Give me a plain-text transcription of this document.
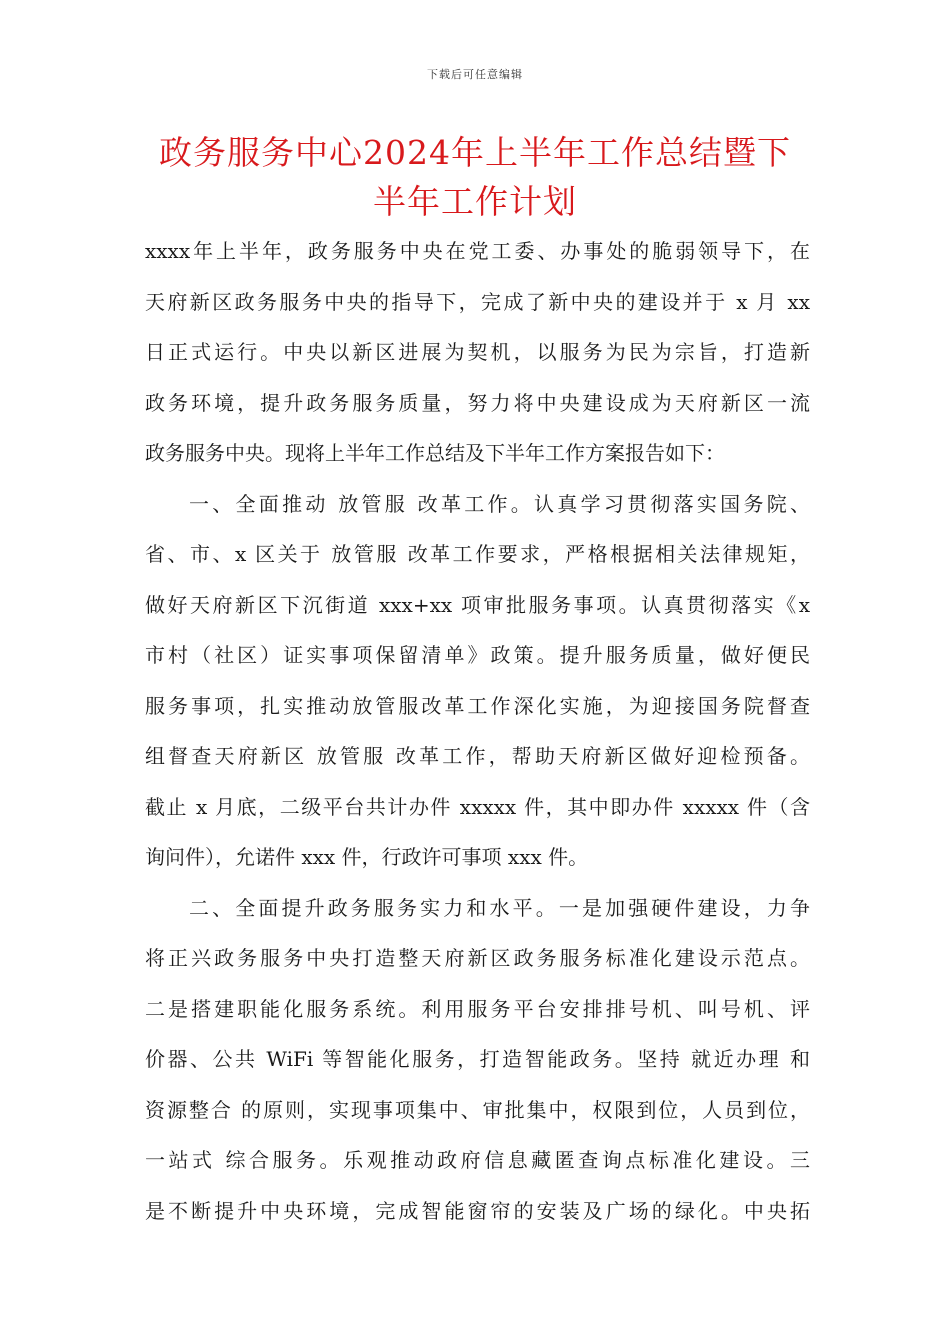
下载后可任意编辑
政务服务中心2024年上半年工作总结暨下
半年工作计划
xxxx年上半年，政务服务中央在党工委、办事处的脆弱领导下，在
天府新区政务服务中央的指导下，完成了新中央的建设并于 x 月 xx
日正式运行。中央以新区进展为契机，以服务为民为宗旨，打造新
政务环境，提升政务服务质量，努力将中央建设成为天府新区一流
政务服务中央。现将上半年工作总结及下半年工作方案报告如下：
一、全面推动 放管服 改革工作。认真学习贯彻落实国务院、
省、市、x 区关于 放管服 改革工作要求，严格根据相关法律规矩，
做好天府新区下沉街道 xxx+xx 项审批服务事项。认真贯彻落实《x
市村（社区）证实事项保留清单》政策。提升服务质量，做好便民
服务事项，扎实推动放管服改革工作深化实施，为迎接国务院督查
组督查天府新区 放管服 改革工作，帮助天府新区做好迎检预备。
截止 x 月底，二级平台共计办件 xxxxx 件，其中即办件 xxxxx 件（含
询问件），允诺件 xxx 件，行政许可事项 xxx 件。
二、全面提升政务服务实力和水平。一是加强硬件建设，力争
将正兴政务服务中央打造整天府新区政务服务标准化建设示范点。
二是搭建职能化服务系统。利用服务平台安排排号机、叫号机、评
价器、公共 WiFi 等智能化服务，打造智能政务。坚持 就近办理 和
资源整合 的原则，实现事项集中、审批集中，权限到位，人员到位，
一站式 综合服务。乐观推动政府信息藏匿查询点标准化建设。三
是不断提升中央环境，完成智能窗帘的安装及广场的绿化。中央拓
